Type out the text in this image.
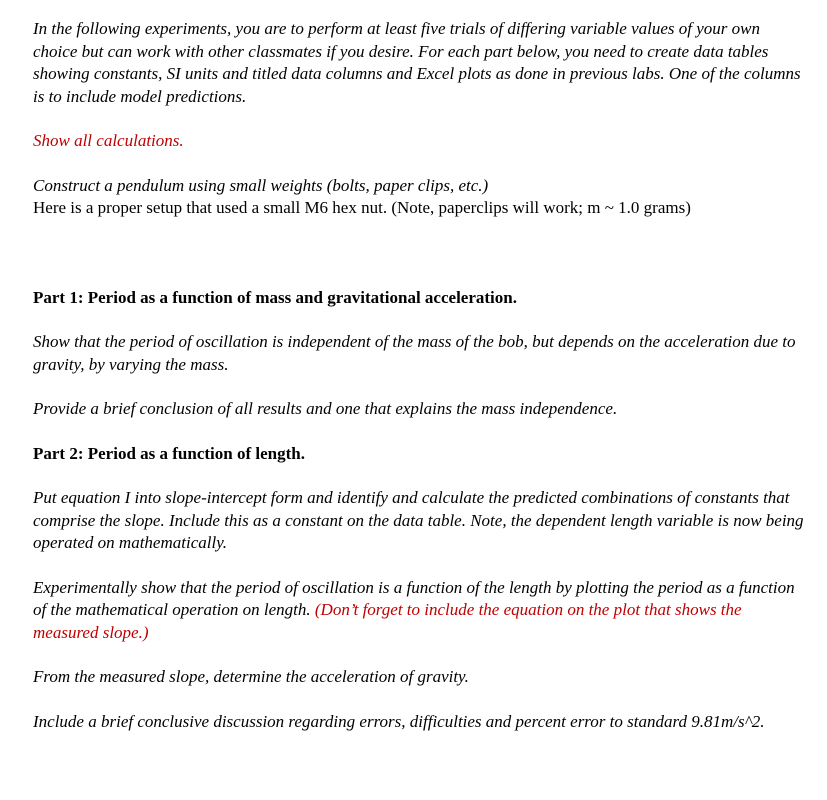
In the following experiments, you are to perform at least five trials of differing variable values of your own choice but can work with other classmates if you desire. For each part below, you need to create data tables showing constants, SI units and titled data columns and Excel plots as done in previous labs. One of the columns is to include model predictions.

Show all calculations.

Construct a pendulum using small weights (bolts, paper clips, etc.)

Here is a proper setup that used a small M6 hex nut. (Note, paperclips will work; m ~ 1.0 grams)

Part 1: Period as a function of mass and gravitational acceleration.

Show that the period of oscillation is independent of the mass of the bob, but depends on the acceleration due to gravity, by varying the mass.

Provide a brief conclusion of all results and one that explains the mass independence.

Part 2: Period as a function of length.

Put equation I into slope-intercept form and identify and calculate the predicted combinations of constants that comprise the slope. Include this as a constant on the data table. Note, the dependent length variable is now being operated on mathematically.

Experimentally show that the period of oscillation is a function of the length by plotting the period as a function of the mathematical operation on length. (Don’t forget to include the equation on the plot that shows the measured slope.)

From the measured slope, determine the acceleration of gravity.

Include a brief conclusive discussion regarding errors, difficulties and percent error to standard 9.81m/s^2.
